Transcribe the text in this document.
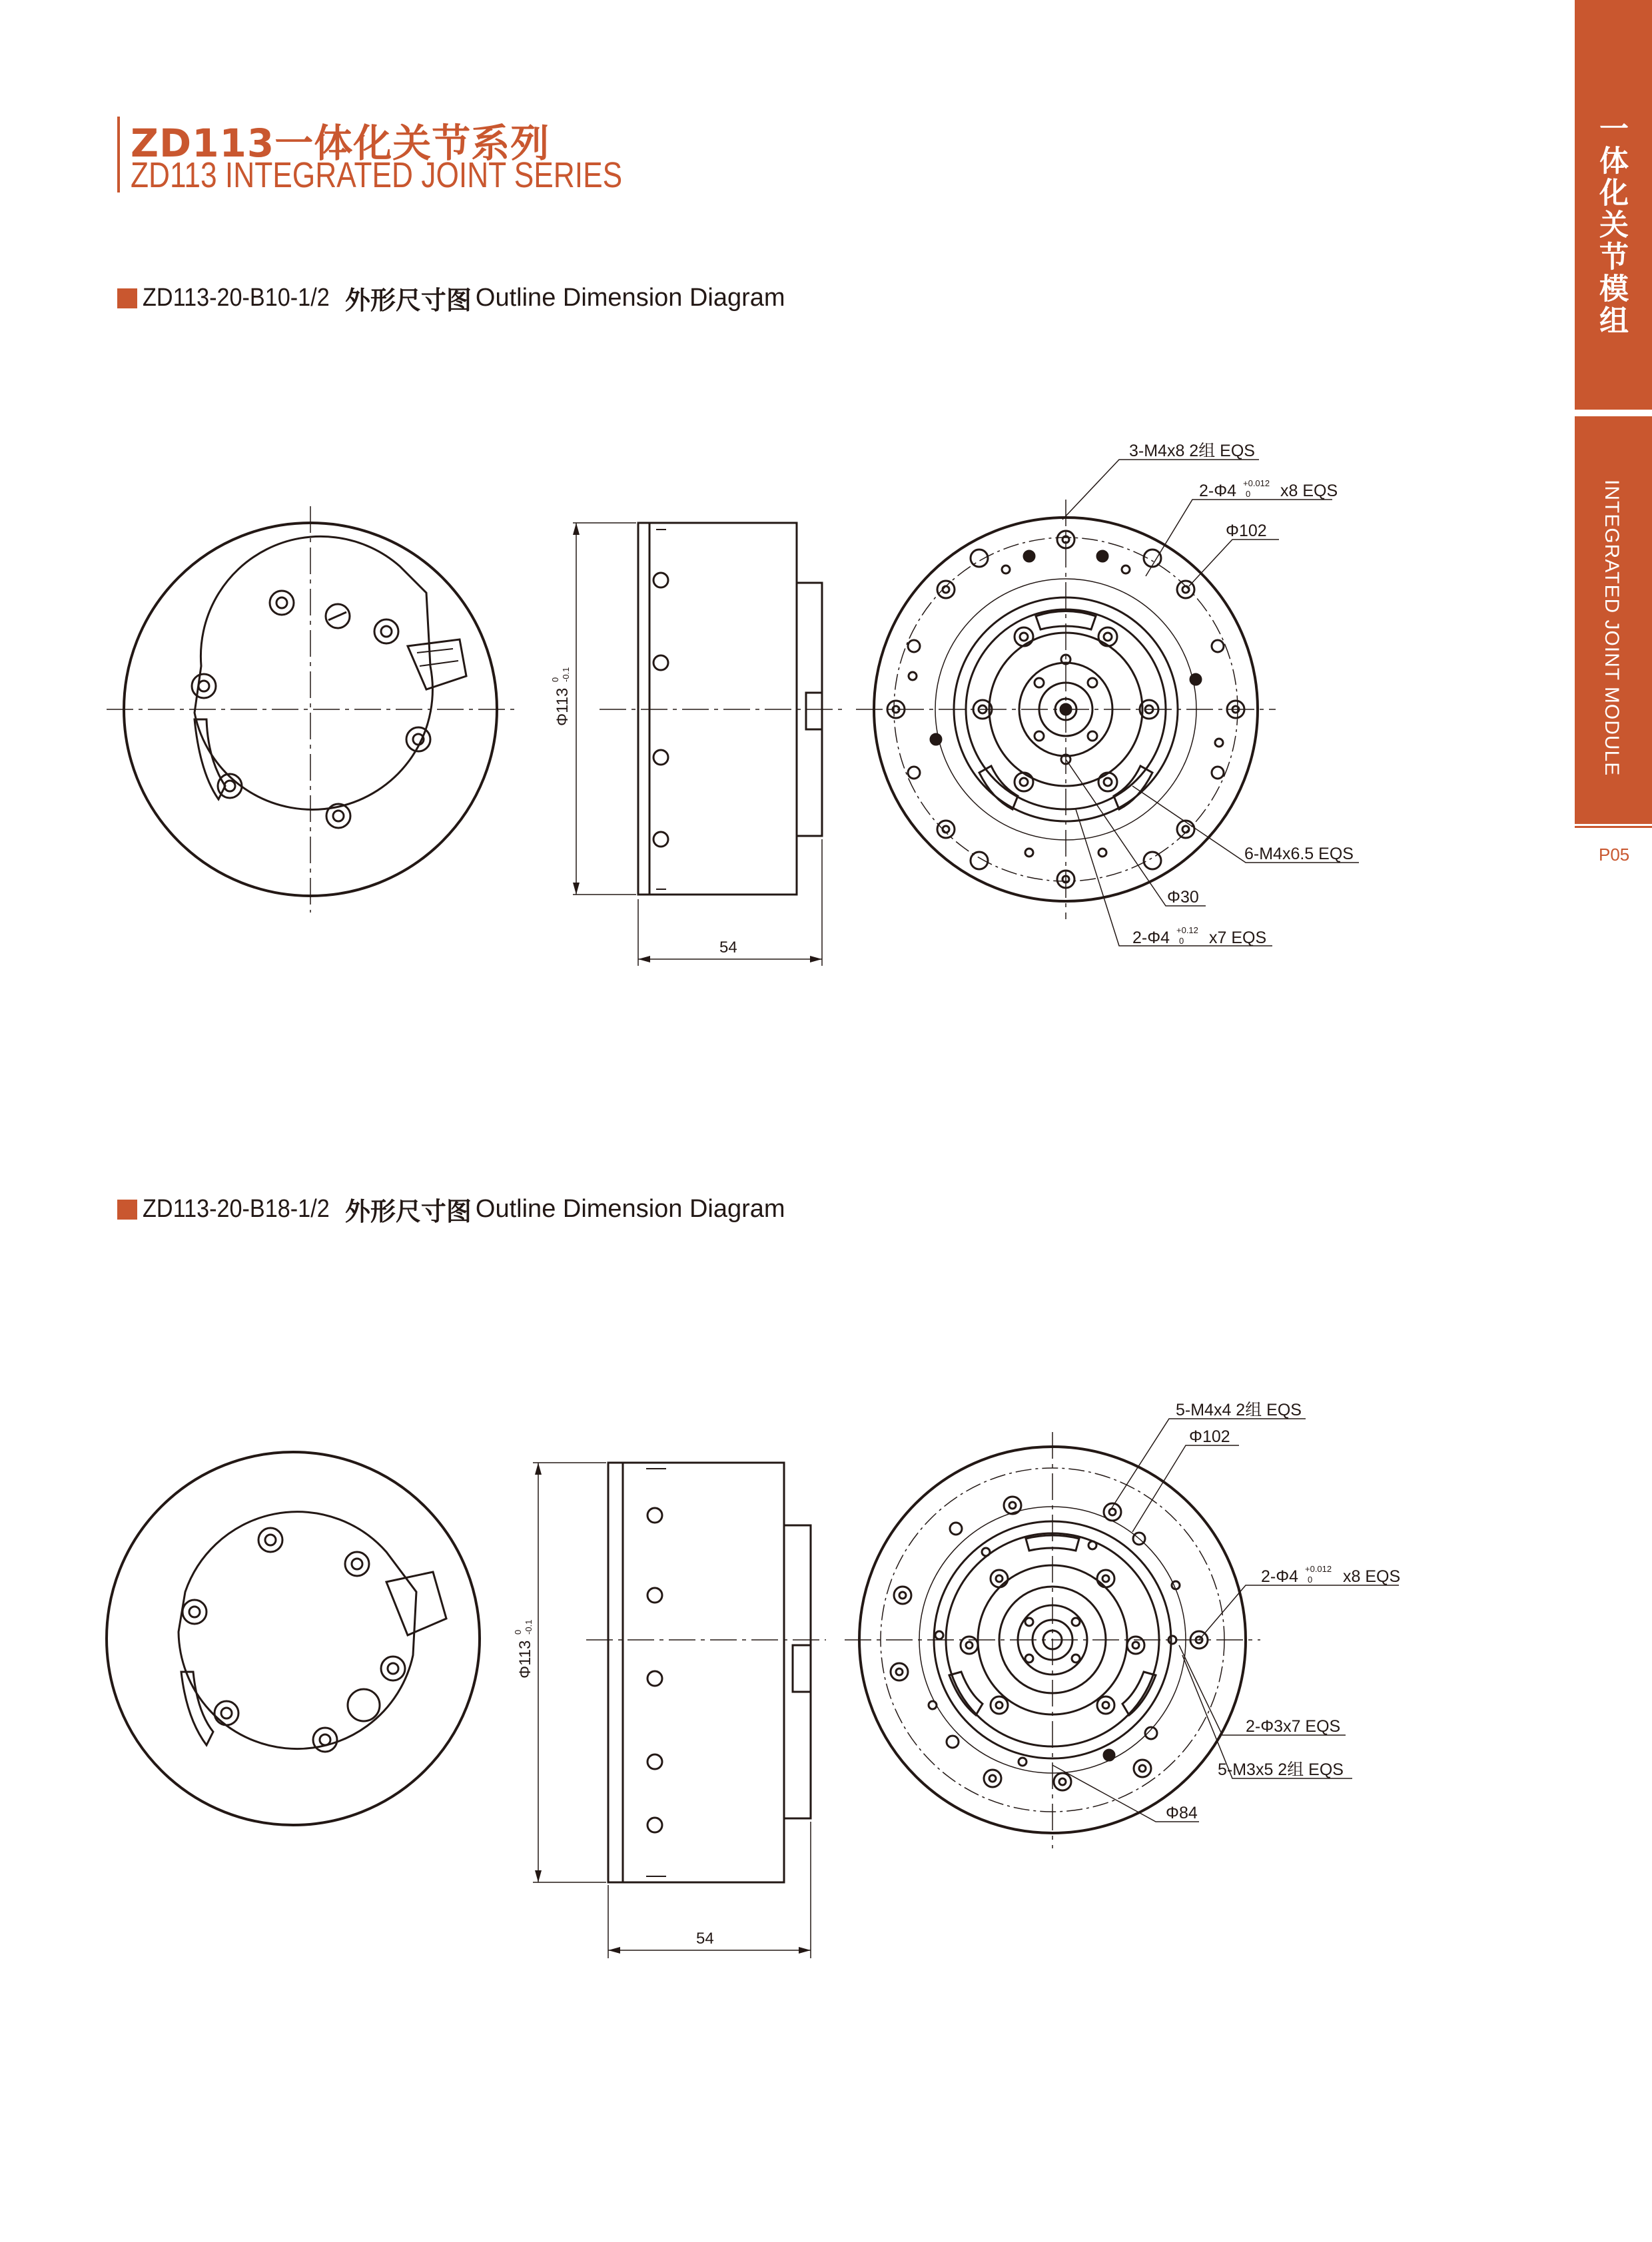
ZD113一体化关节系列
ZD113 INTEGRATED JOINT SERIES	一体化关节模组
INTEGRATED JOINT MODULE
P05
ZD113-20-B10-1/2 外形尺寸图 Outline Dimension Diagram
ZD113-20-B18-1/2 外形尺寸图 Outline Dimension Diagram
Φ113
0 -0.1
54
3-M4x8 2组 EQS
2-Φ4 +0.012
0 x8 EQS
Φ102
6-M4x6.5 EQS
Φ30
2-Φ4 +0.12
0 x7 EQS
Φ113
0 -0.1
54
5-M4x4 2组 EQS
Φ102
2-Φ4 +0.012
0 x8 EQS
2-Φ3x7 EQS
5-M3x5 2组 EQS
Φ84
